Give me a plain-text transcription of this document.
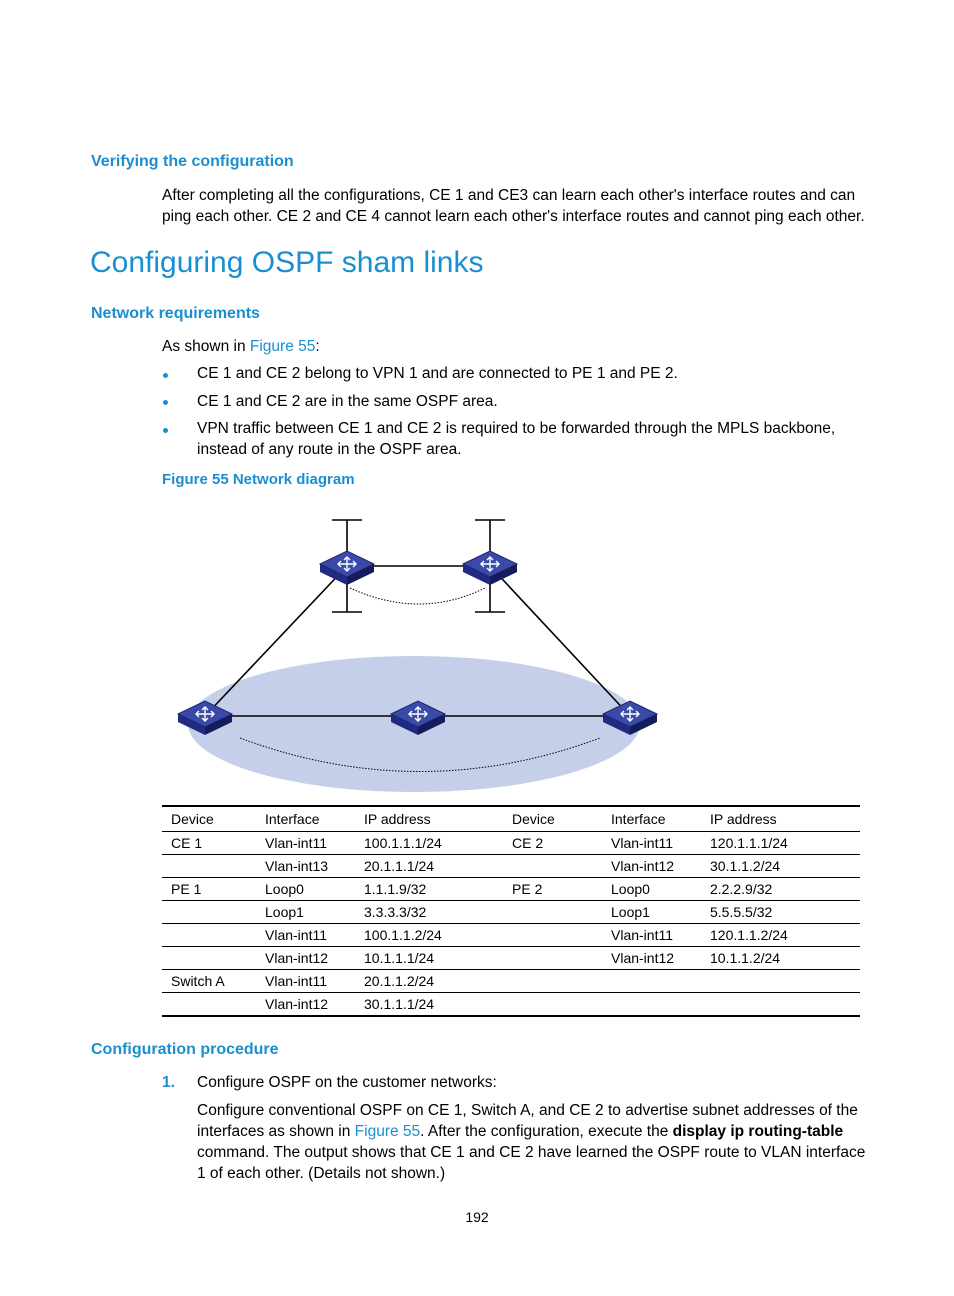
Verifying the configuration
After completing all the configurations, CE 1 and CE3 can learn each other's interface routes and can
ping each other. CE 2 and CE 4 cannot learn each other's interface routes and cannot ping each other.
Configuring OSPF sham links
Network requirements
As shown in Figure 55:
CE 1 and CE 2 belong to VPN 1 and are connected to PE 1 and PE 2.
CE 1 and CE 2 are in the same OSPF area.
VPN traffic between CE 1 and CE 2 is required to be forwarded through the MPLS backbone,
instead of any route in the OSPF area.
Figure 55 Network diagram
Device	Interface	IP address	Device	Interface	IP address
CE 1	Vlan-int11	100.1.1.1/24	CE 2	Vlan-int11	120.1.1.1/24
	Vlan-int13	20.1.1.1/24		Vlan-int12	30.1.1.2/24
PE 1	Loop0	1.1.1.9/32	PE 2	Loop0	2.2.2.9/32
	Loop1	3.3.3.3/32		Loop1	5.5.5.5/32
	Vlan-int11	100.1.1.2/24		Vlan-int11	120.1.1.2/24
	Vlan-int12	10.1.1.1/24		Vlan-int12	10.1.1.2/24
Switch A	Vlan-int11	20.1.1.2/24			
	Vlan-int12	30.1.1.1/24			
Configuration procedure
1. Configure OSPF on the customer networks:
Configure conventional OSPF on CE 1, Switch A, and CE 2 to advertise subnet addresses of the
interfaces as shown in Figure 55. After the configuration, execute the display ip routing-table
command. The output shows that CE 1 and CE 2 have learned the OSPF route to VLAN interface
1 of each other. (Details not shown.)
192
